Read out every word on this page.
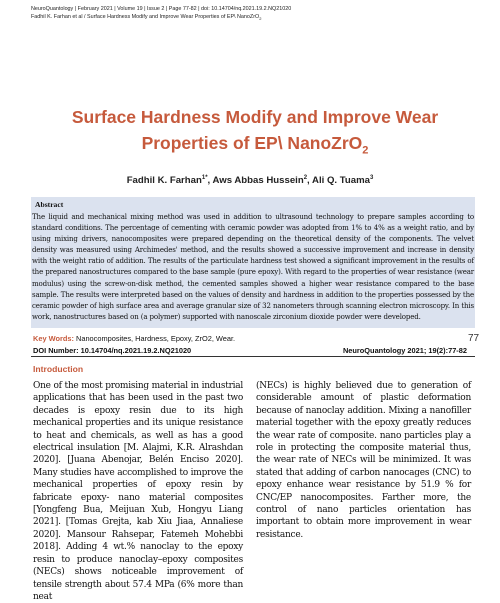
NeuroQuantology | February 2021 | Volume 19 | Issue 2 | Page 77-82 | doi: 10.14704/nq.2021.19.2.NQ21020
Fadhil K. Farhan et al / Surface Hardness Modify and Improve Wear Properties of EP\ NanoZrO$_2$
Surface Hardness Modify and Improve Wear
Properties of EP\ NanoZrO$_2$
Fadhil K. Farhan$^{1*}$, Aws Abbas Hussein$^2$, Ali Q. Tuama$^3$
Abstract
The liquid and mechanical mixing method was used in addition to ultrasound technology to prepare samples according to standard conditions. The percentage of cementing with ceramic powder was adopted from 1% to 4% as a weight ratio, and by using mixing drivers, nanocomposites were prepared depending on the theoretical density of the components. The velvet density was measured using Archimedes' method, and the results showed a successive improvement and increase in density with the weight ratio of addition. The results of the particulate hardness test showed a significant improvement in the results of the prepared nanostructures compared to the base sample (pure epoxy). With regard to the properties of wear resistance (wear modulus) using the screw-on-disk method, the cemented samples showed a higher wear resistance compared to the base sample. The results were interpreted based on the values of density and hardness in addition to the properties possessed by the ceramic powder of high surface area and average granular size of 32 nanometers through scanning electron microscopy. In this work, nanostructures based on (a polymer) supported with nanoscale zirconium dioxide powder were developed.
Key Words: Nanocomposites, Hardness, Epoxy, ZrO2, Wear.	77
DOI Number: 10.14704/nq.2021.19.2.NQ21020	NeuroQuantology 2021; 19(2):77-82
Introduction
One of the most promising material in industrial applications that has been used in the past two decades is epoxy resin due to its high mechanical properties and its unique resistance to heat and chemicals, as well as has a good electrical insulation [M. Alajmi, K.R. Alrashdan 2020]. [Juana Abenojar, Belén Enciso 2020]. Many studies have accomplished to improve the mechanical properties of epoxy resin by fabricate epoxy- nano material composites [Yongfeng Bua, Meijuan Xub, Hongyu Liang 2021]. [Tomas Grejta, kab Xiu Jiaa, Annaliese 2020]. Mansour Rahsepar, Fatemeh Mohebbi 2018]. Adding 4 wt.% nanoclay to the epoxy resin to produce nanoclay–epoxy composites (NECs) shows noticeable improvement of tensile strength about 57.4 MPa (6% more than neat
(NECs) is highly believed due to generation of considerable amount of plastic deformation because of nanoclay addition. Mixing a nanofiller material together with the epoxy greatly reduces the wear rate of composite. nano particles play a role in protecting the composite material thus, the wear rate of NECs will be minimized. It was stated that adding of carbon nanocages (CNC) to epoxy enhance wear resistance by 51.9 % for CNC/EP nanocomposites. Farther more, the control of nano particles orientation has important to obtain more improvement in wear resistance.
